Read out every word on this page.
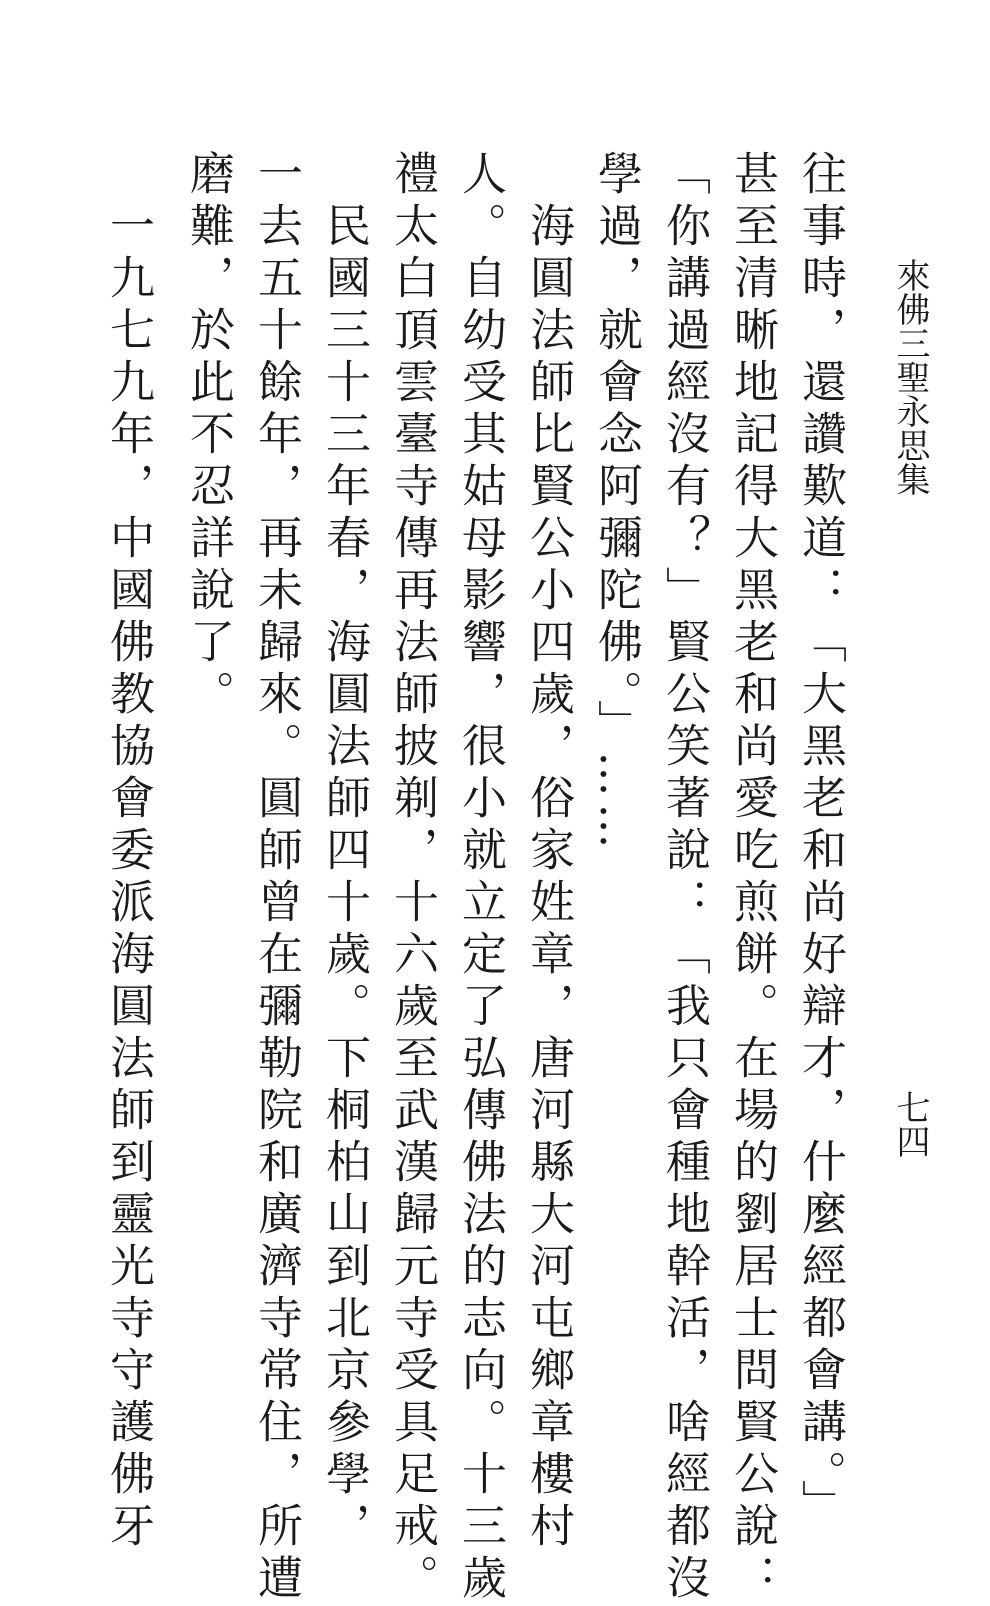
來佛三聖永思集
七四
往事時，還讚歎道：「大黑老和尚好辯才，什麼經都會講。」
甚至清晰地記得大黑老和尚愛吃煎餅。在場的劉居士問賢公說：
「你講過經沒有？」賢公笑著說：「我只會種地幹活，啥經都沒
學過，就會念阿彌陀佛。」……
　海圓法師比賢公小四歲，俗家姓章，唐河縣大河屯鄉章樓村
人。自幼受其姑母影響，很小就立定了弘傳佛法的志向。十三歲
禮太白頂雲臺寺傳再法師披剃，十六歲至武漢歸元寺受具足戒。
　民國三十三年春，海圓法師四十歲。下桐柏山到北京參學，
一去五十餘年，再未歸來。圓師曾在彌勒院和廣濟寺常住，所遭
磨難，於此不忍詳說了。
　一九七九年，中國佛教協會委派海圓法師到靈光寺守護佛牙
